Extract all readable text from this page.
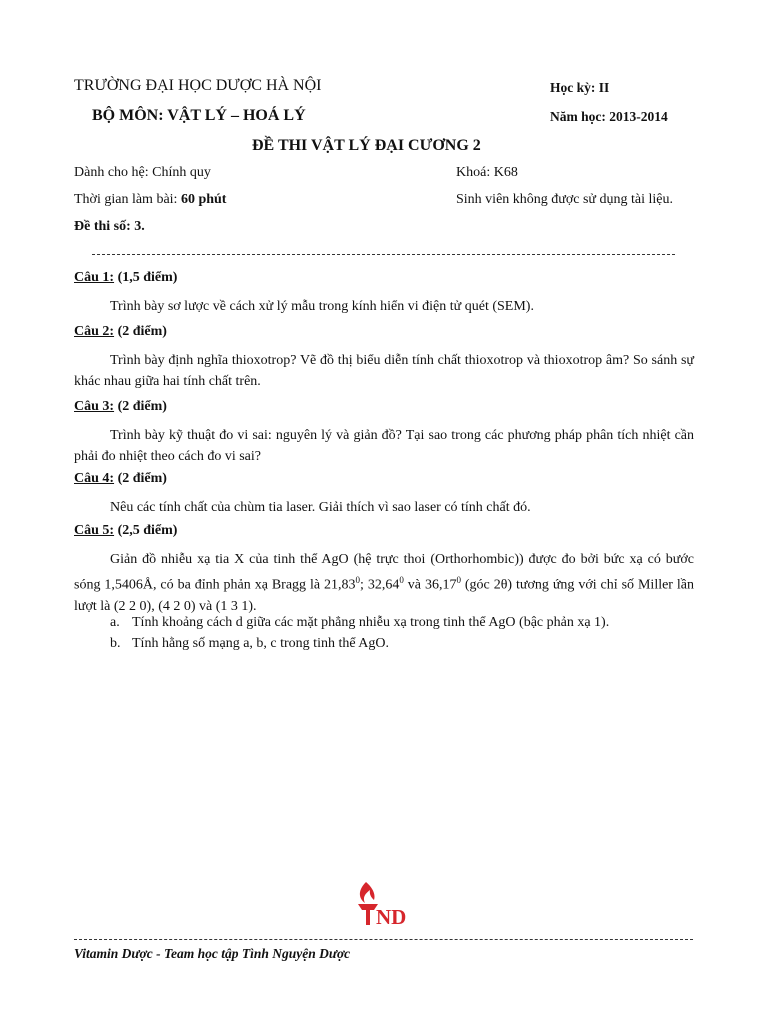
TRƯỜNG ĐẠI HỌC DƯỢC HÀ NỘI	Học kỳ: II
BỘ MÔN: VẬT LÝ – HOÁ LÝ	Năm học: 2013-2014
ĐỀ THI VẬT LÝ ĐẠI CƯƠNG 2
Dành cho hệ: Chính quy	Khoá: K68
Thời gian làm bài: 60 phút	Sinh viên không được sử dụng tài liệu.
Đề thi số: 3.
Câu 1: (1,5 điểm)
Trình bày sơ lược về cách xử lý mẫu trong kính hiển vi điện tử quét (SEM).
Câu 2: (2 điểm)
Trình bày định nghĩa thioxotrop? Vẽ đồ thị biểu diễn tính chất thioxotrop và thioxotrop âm? So sánh sự khác nhau giữa hai tính chất trên.
Câu 3: (2 điểm)
Trình bày kỹ thuật đo vi sai: nguyên lý và giản đồ? Tại sao trong các phương pháp phân tích nhiệt cần phải đo nhiệt theo cách đo vi sai?
Câu 4: (2 điểm)
Nêu các tính chất của chùm tia laser. Giải thích vì sao laser có tính chất đó.
Câu 5: (2,5 điểm)
Giản đồ nhiễu xạ tia X của tinh thể AgO (hệ trực thoi (Orthorhombic)) được đo bởi bức xạ có bước sóng 1,5406Å, có ba đỉnh phản xạ Bragg là 21,83$^0$; 32,64$^0$ và 36,17$^0$ (góc 2θ) tương ứng với chỉ số Miller lần lượt là (2 2 0), (4 2 0) và (1 3 1).
a. Tính khoảng cách d giữa các mặt phẳng nhiễu xạ trong tinh thể AgO (bậc phản xạ 1).
b. Tính hằng số mạng a, b, c trong tinh thể AgO.
ND
Vitamin Dược - Team học tập Tình Nguyện Dược
